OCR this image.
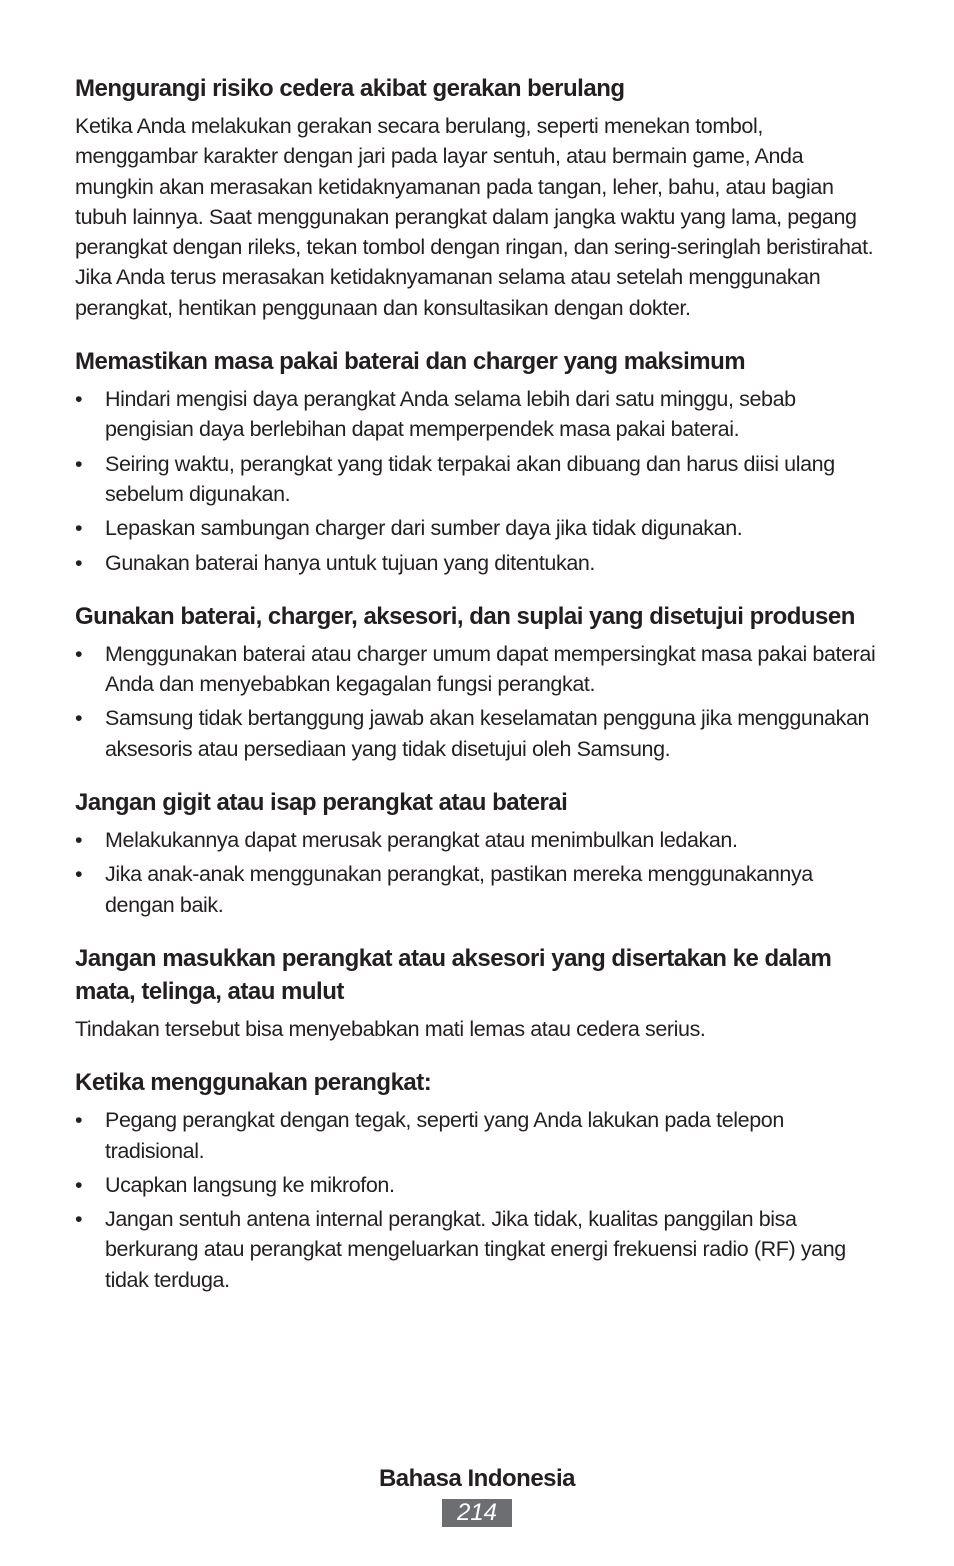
Mengurangi risiko cedera akibat gerakan berulang

Ketika Anda melakukan gerakan secara berulang, seperti menekan tombol, menggambar karakter dengan jari pada layar sentuh, atau bermain game, Anda mungkin akan merasakan ketidaknyamanan pada tangan, leher, bahu, atau bagian tubuh lainnya. Saat menggunakan perangkat dalam jangka waktu yang lama, pegang perangkat dengan rileks, tekan tombol dengan ringan, dan sering-seringlah beristirahat. Jika Anda terus merasakan ketidaknyamanan selama atau setelah menggunakan perangkat, hentikan penggunaan dan konsultasikan dengan dokter.

Memastikan masa pakai baterai dan charger yang maksimum
• Hindari mengisi daya perangkat Anda selama lebih dari satu minggu, sebab pengisian daya berlebihan dapat memperpendek masa pakai baterai.
• Seiring waktu, perangkat yang tidak terpakai akan dibuang dan harus diisi ulang sebelum digunakan.
• Lepaskan sambungan charger dari sumber daya jika tidak digunakan.
• Gunakan baterai hanya untuk tujuan yang ditentukan.
Gunakan baterai, charger, aksesori, dan suplai yang disetujui produsen
• Menggunakan baterai atau charger umum dapat mempersingkat masa pakai baterai Anda dan menyebabkan kegagalan fungsi perangkat.
• Samsung tidak bertanggung jawab akan keselamatan pengguna jika menggunakan aksesoris atau persediaan yang tidak disetujui oleh Samsung.
Jangan gigit atau isap perangkat atau baterai
• Melakukannya dapat merusak perangkat atau menimbulkan ledakan.
• Jika anak-anak menggunakan perangkat, pastikan mereka menggunakannya dengan baik.
Jangan masukkan perangkat atau aksesori yang disertakan ke dalam mata, telinga, atau mulut

Tindakan tersebut bisa menyebabkan mati lemas atau cedera serius.

Ketika menggunakan perangkat:
• Pegang perangkat dengan tegak, seperti yang Anda lakukan pada telepon tradisional.
• Ucapkan langsung ke mikrofon.
• Jangan sentuh antena internal perangkat. Jika tidak, kualitas panggilan bisa berkurang atau perangkat mengeluarkan tingkat energi frekuensi radio (RF) yang tidak terduga.
Bahasa Indonesia
214
